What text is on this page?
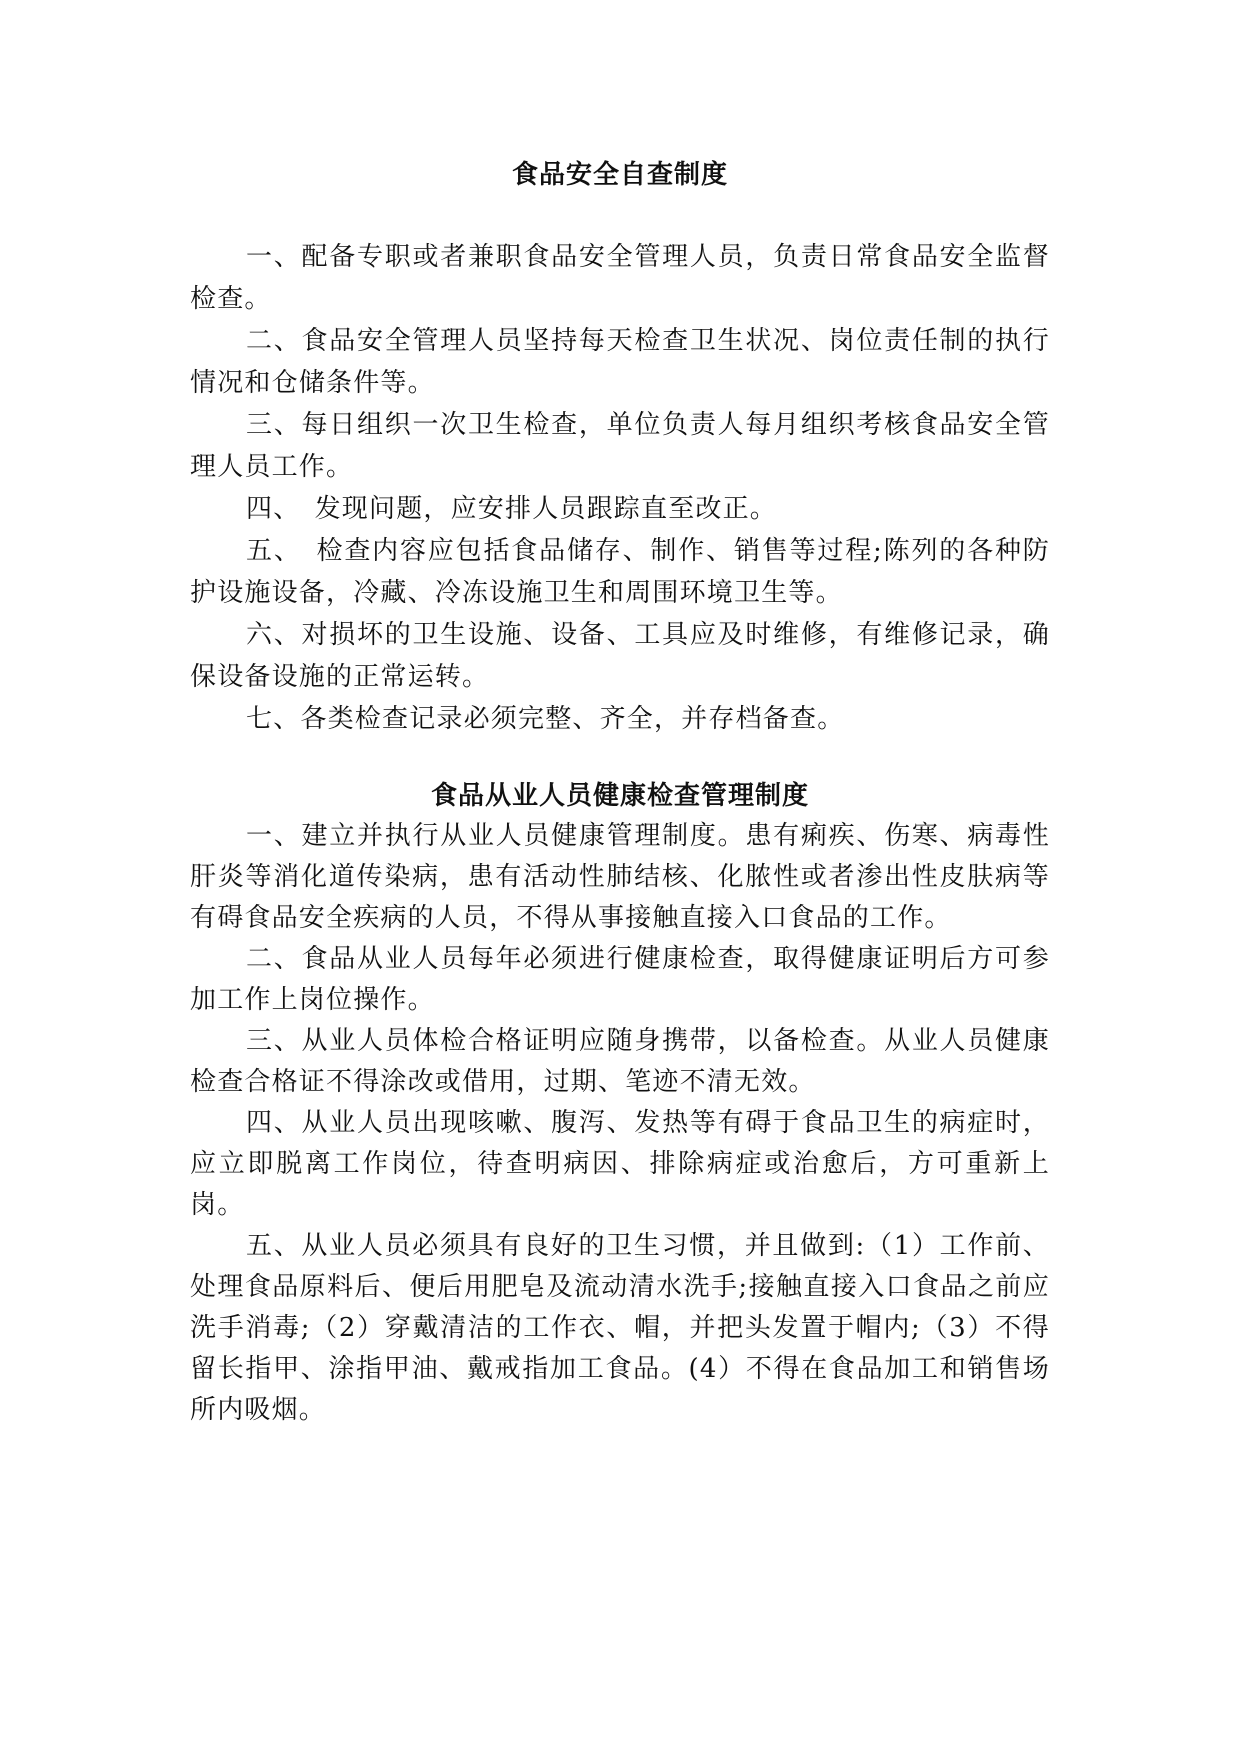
食品安全自查制度

一、配备专职或者兼职食品安全管理人员，负责日常食品安全监督检查。

二、食品安全管理人员坚持每天检查卫生状况、岗位责任制的执行情况和仓储条件等。

三、每日组织一次卫生检查，单位负责人每月组织考核食品安全管理人员工作。

四、　发现问题，应安排人员跟踪直至改正。

五、　检查内容应包括食品储存、制作、销售等过程;陈列的各种防护设施设备，冷藏、冷冻设施卫生和周围环境卫生等。

六、对损坏的卫生设施、设备、工具应及时维修，有维修记录，确保设备设施的正常运转。

七、各类检查记录必须完整、齐全，并存档备查。

食品从业人员健康检查管理制度

一、建立并执行从业人员健康管理制度。患有痢疾、伤寒、病毒性肝炎等消化道传染病，患有活动性肺结核、化脓性或者渗出性皮肤病等有碍食品安全疾病的人员，不得从事接触直接入口食品的工作。

二、食品从业人员每年必须进行健康检查，取得健康证明后方可参加工作上岗位操作。

三、从业人员体检合格证明应随身携带，以备检查。从业人员健康检查合格证不得涂改或借用，过期、笔迹不清无效。

四、从业人员出现咳嗽、腹泻、发热等有碍于食品卫生的病症时，应立即脱离工作岗位，待查明病因、排除病症或治愈后，方可重新上岗。

五、从业人员必须具有良好的卫生习惯，并且做到:（1）工作前、处理食品原料后、便后用肥皂及流动清水洗手;接触直接入口食品之前应洗手消毒;（2）穿戴清洁的工作衣、帽，并把头发置于帽内;（3）不得留长指甲、涂指甲油、戴戒指加工食品。(4）不得在食品加工和销售场所内吸烟。
